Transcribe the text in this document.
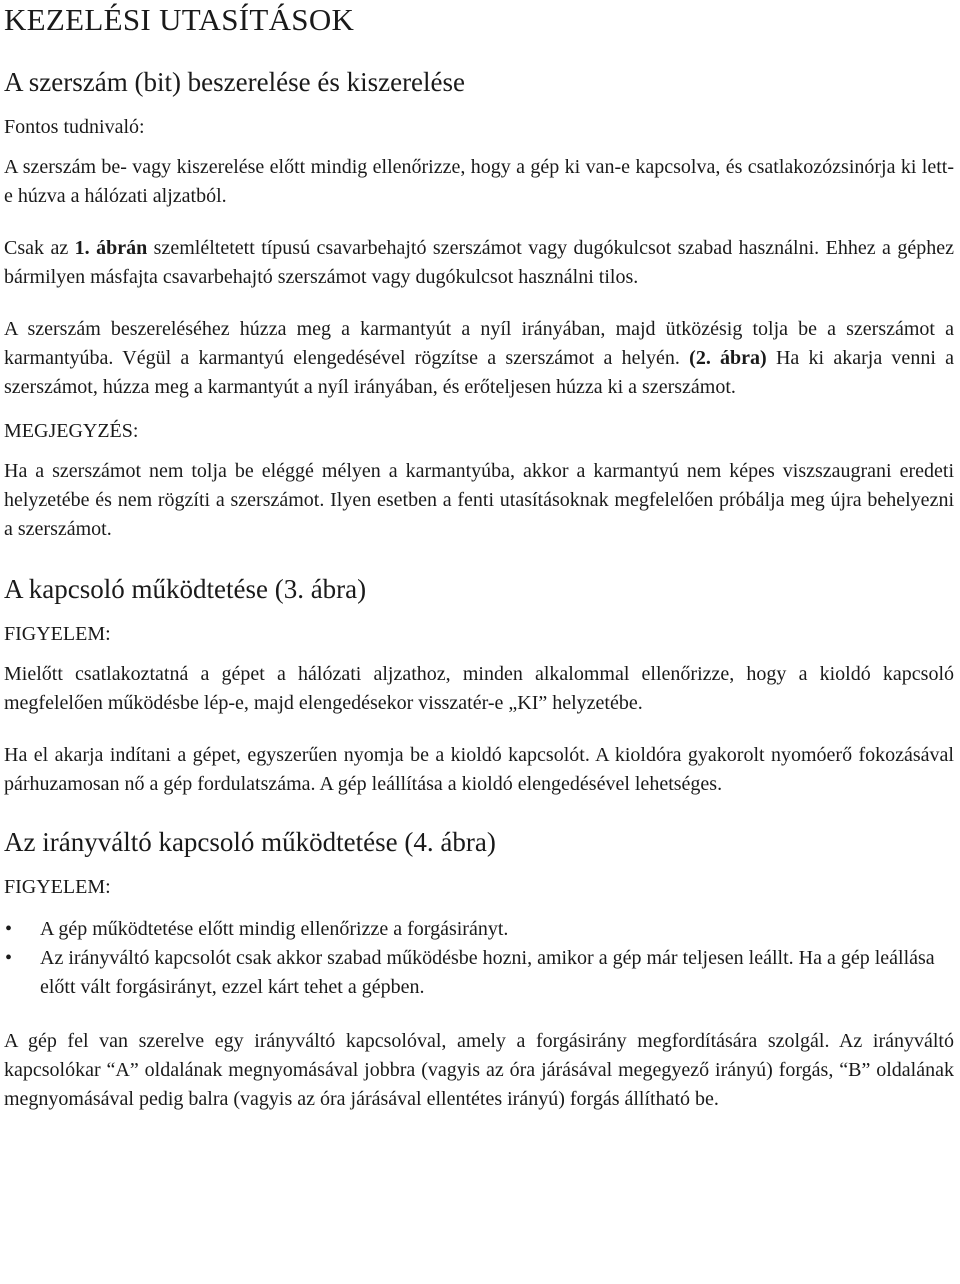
KEZELÉSI UTASÍTÁSOK
A szerszám (bit) beszerelése és kiszerelése
Fontos tudnivaló:

A szerszám be- vagy kiszerelése előtt mindig ellenőrizze, hogy a gép ki van-e kapcsolva, és csatlakozózsinórja ki lett-e húzva a hálózati aljzatból.

Csak az 1. ábrán szemléltetett típusú csavarbehajtó szerszámot vagy dugókulcsot szabad használni. Ehhez a géphez bármilyen másfajta csavarbehajtó szerszámot vagy dugókulcsot használni tilos.

A szerszám beszereléséhez húzza meg a karmantyút a nyíl irányában, majd ütközésig tolja be a szerszámot a karmantyúba. Végül a karmantyú elengedésével rögzítse a szerszámot a helyén. (2. ábra) Ha ki akarja venni a szerszámot, húzza meg a karmantyút a nyíl irányában, és erőteljesen húzza ki a szerszámot.

MEGJEGYZÉS:

Ha a szerszámot nem tolja be eléggé mélyen a karmantyúba, akkor a karmantyú nem képes viszszaugrani eredeti helyzetébe és nem rögzíti a szerszámot. Ilyen esetben a fenti utasításoknak megfelelően próbálja meg újra behelyezni a szerszámot.

A kapcsoló működtetése (3. ábra)
FIGYELEM:

Mielőtt csatlakoztatná a gépet a hálózati aljzathoz, minden alkalommal ellenőrizze, hogy a kioldó kapcsoló megfelelően működésbe lép-e, majd elengedésekor visszatér-e „KI” helyzetébe.

Ha el akarja indítani a gépet, egyszerűen nyomja be a kioldó kapcsolót. A kioldóra gyakorolt nyomóerő fokozásával párhuzamosan nő a gép fordulatszáma. A gép leállítása a kioldó elengedésével lehetséges.

Az irányváltó kapcsoló működtetése (4. ábra)
FIGYELEM:
• A gép működtetése előtt mindig ellenőrizze a forgásirányt.
• Az irányváltó kapcsolót csak akkor szabad működésbe hozni, amikor a gép már teljesen leállt. Ha a gép leállása előtt vált forgásirányt, ezzel kárt tehet a gépben.

A gép fel van szerelve egy irányváltó kapcsolóval, amely a forgásirány megfordítására szolgál. Az irányváltó kapcsolókar “A” oldalának megnyomásával jobbra (vagyis az óra járásával megegyező irányú) forgás, “B” oldalának megnyomásával pedig balra (vagyis az óra járásával ellentétes irányú) forgás állítható be.
